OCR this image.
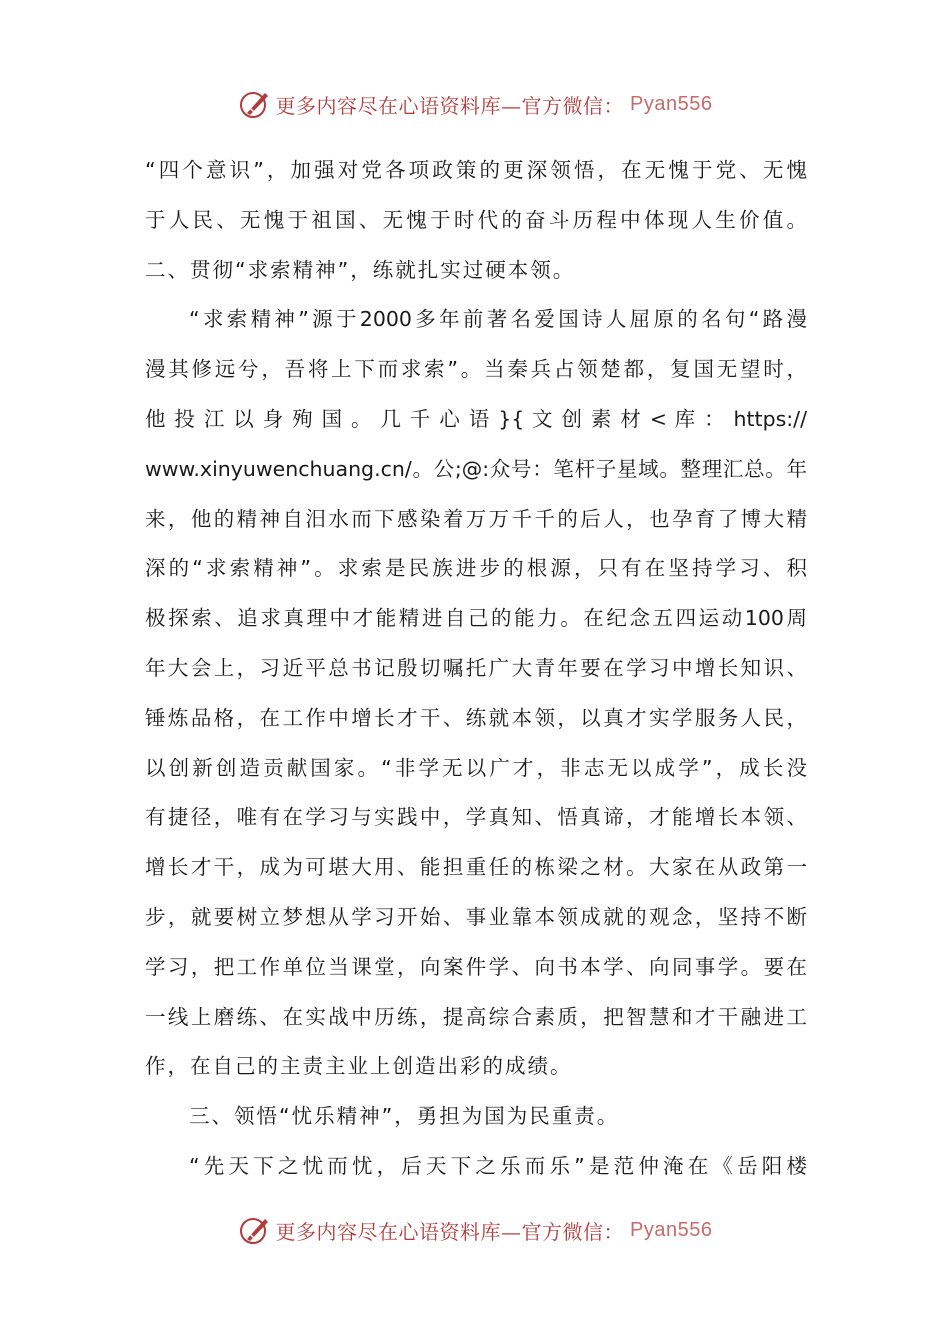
更多内容尽在心语资料库—官方微信： Pyan556
“四个意识”，加强对党各项政策的更深领悟，在无愧于党、无愧
于人民、无愧于祖国、无愧于时代的奋斗历程中体现人生价值。
二、贯彻“求索精神”，练就扎实过硬本领。
“求索精神”源于2000多年前著名爱国诗人屈原的名句“路漫
漫其修远兮，吾将上下而求索”。当秦兵占领楚都，复国无望时，
他 投 江 以 身 殉 国 。 几 千 心 语 }{ 文 创 素 材 < 库 ： https://
www.xinyuwenchuang.cn/。公;@:众号：笔杆子星域。整理汇总。年
来，他的精神自汨水而下感染着万万千千的后人，也孕育了博大精
深的“求索精神”。求索是民族进步的根源，只有在坚持学习、积
极探索、追求真理中才能精进自己的能力。在纪念五四运动100周
年大会上，习近平总书记殷切嘱托广大青年要在学习中增长知识、
锤炼品格，在工作中增长才干、练就本领，以真才实学服务人民，
以创新创造贡献国家。“非学无以广才，非志无以成学”，成长没
有捷径，唯有在学习与实践中，学真知、悟真谛，才能增长本领、
增长才干，成为可堪大用、能担重任的栋梁之材。大家在从政第一
步，就要树立梦想从学习开始、事业靠本领成就的观念，坚持不断
学习，把工作单位当课堂，向案件学、向书本学、向同事学。要在
一线上磨练、在实战中历练，提高综合素质，把智慧和才干融进工
作，在自己的主责主业上创造出彩的成绩。
三、领悟“忧乐精神”，勇担为国为民重责。
“先天下之忧而忧，后天下之乐而乐”是范仲淹在《岳阳楼
更多内容尽在心语资料库—官方微信： Pyan556
